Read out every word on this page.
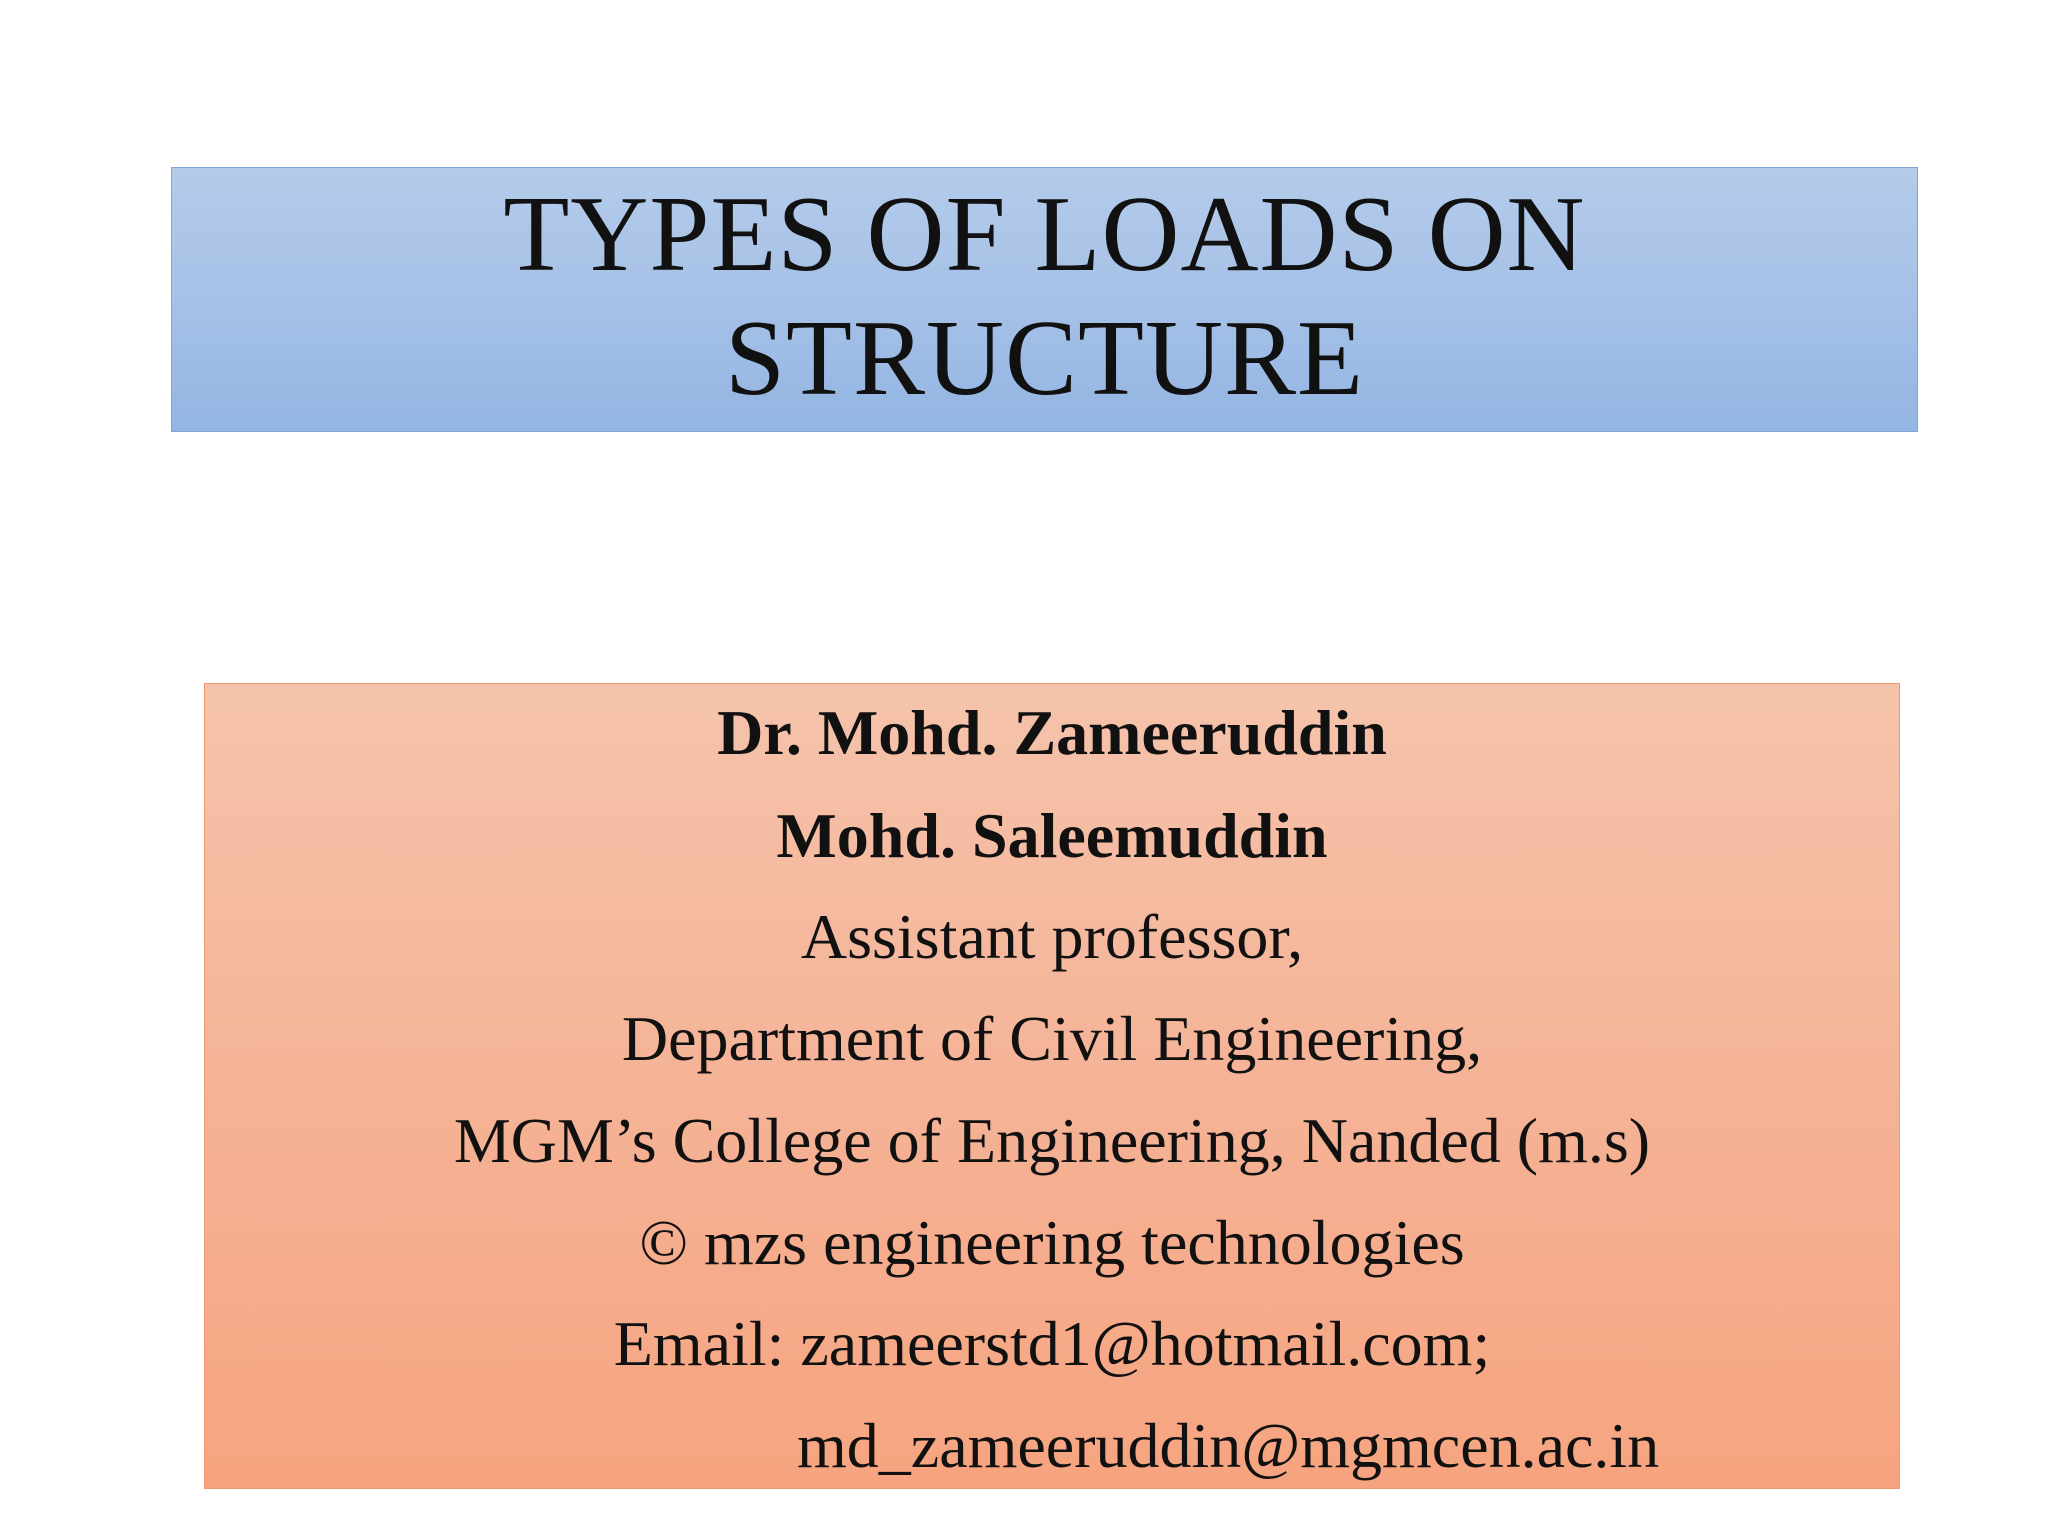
TYPES OF LOADS ON
STRUCTURE
Dr. Mohd. Zameeruddin
Mohd. Saleemuddin
Assistant professor,
Department of Civil Engineering,
MGM’s College of Engineering, Nanded (m.s)
© mzs engineering technologies
Email: zameerstd1@hotmail.com;
md_zameeruddin@mgmcen.ac.in
